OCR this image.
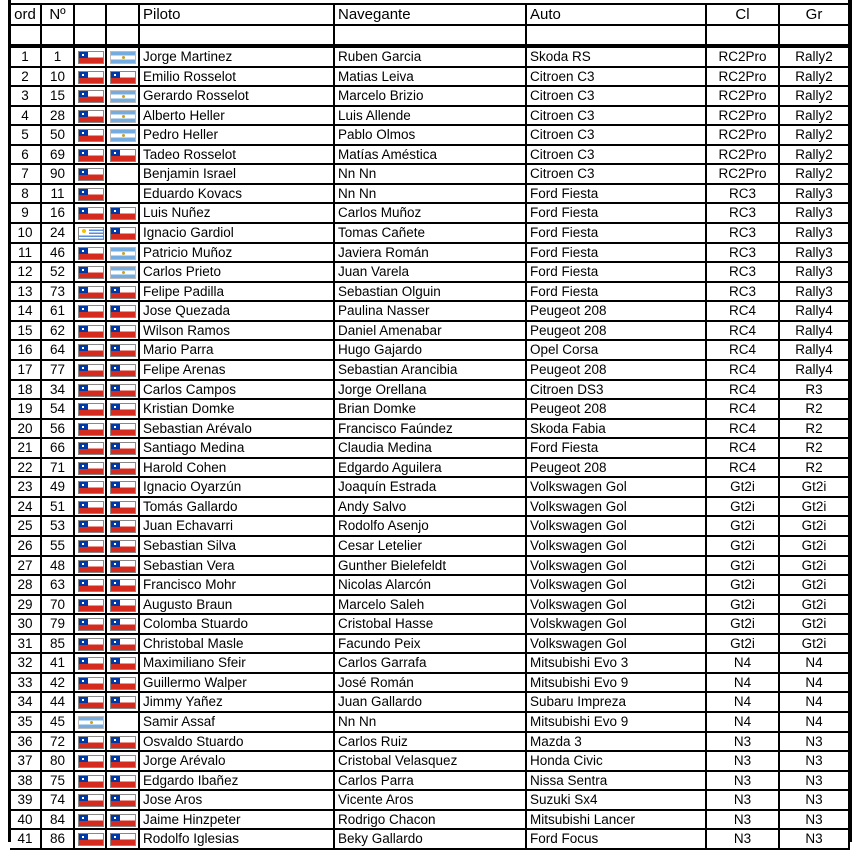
ord Nº	Piloto	Navegante	Auto	Cl	Gr
1	1	Jorge Martinez	Ruben Garcia	Skoda RS	RC2Pro	Rally2
2	10	Emilio Rosselot	Matias Leiva	Citroen C3	RC2Pro	Rally2
3	15	Gerardo Rosselot	Marcelo Brizio	Citroen C3	RC2Pro	Rally2
4	28	Alberto Heller	Luis Allende	Citroen C3	RC2Pro	Rally2
5	50	Pedro Heller	Pablo Olmos	Citroen C3	RC2Pro	Rally2
6	69	Tadeo Rosselot	Matías Améstica	Citroen C3	RC2Pro	Rally2
7	90	Benjamin Israel	Nn Nn	Citroen C3	RC2Pro	Rally2
8	11	Eduardo Kovacs	Nn Nn	Ford Fiesta	RC3	Rally3
9	16	Luis Nuñez	Carlos Muñoz	Ford Fiesta	RC3	Rally3
10	24	Ignacio Gardiol	Tomas Cañete	Ford Fiesta	RC3	Rally3
11	46	Patricio Muñoz	Javiera Román	Ford Fiesta	RC3	Rally3
12	52	Carlos Prieto	Juan Varela	Ford Fiesta	RC3	Rally3
13	73	Felipe Padilla	Sebastian Olguin	Ford Fiesta	RC3	Rally3
14	61	Jose Quezada	Paulina Nasser	Peugeot 208	RC4	Rally4
15	62	Wilson Ramos	Daniel Amenabar	Peugeot 208	RC4	Rally4
16	64	Mario Parra	Hugo Gajardo	Opel Corsa	RC4	Rally4
17	77	Felipe Arenas	Sebastian Arancibia	Peugeot 208	RC4	Rally4
18	34	Carlos Campos	Jorge Orellana	Citroen DS3	RC4	R3
19	54	Kristian Domke	Brian Domke	Peugeot 208	RC4	R2
20	56	Sebastian Arévalo	Francisco Faúndez	Skoda Fabia	RC4	R2
21	66	Santiago Medina	Claudia Medina	Ford Fiesta	RC4	R2
22	71	Harold Cohen	Edgardo Aguilera	Peugeot 208	RC4	R2
23	49	Ignacio Oyarzún	Joaquín Estrada	Volkswagen Gol	Gt2i	Gt2i
24	51	Tomás Gallardo	Andy Salvo	Volkswagen Gol	Gt2i	Gt2i
25	53	Juan Echavarri	Rodolfo Asenjo	Volkswagen Gol	Gt2i	Gt2i
26	55	Sebastian Silva	Cesar Letelier	Volkswagen Gol	Gt2i	Gt2i
27	48	Sebastian Vera	Gunther Bielefeldt	Volkswagen Gol	Gt2i	Gt2i
28	63	Francisco Mohr	Nicolas Alarcón	Volkswagen Gol	Gt2i	Gt2i
29	70	Augusto Braun	Marcelo Saleh	Volkswagen Gol	Gt2i	Gt2i
30	79	Colomba Stuardo	Cristobal Hasse	Volskwagen Gol	Gt2i	Gt2i
31	85	Christobal Masle	Facundo Peix	Volkswagen Gol	Gt2i	Gt2i
32	41	Maximiliano Sfeir	Carlos Garrafa	Mitsubishi Evo 3	N4	N4
33	42	Guillermo Walper	José Román	Mitsubishi Evo 9	N4	N4
34	44	Jimmy Yañez	Juan Gallardo	Subaru Impreza	N4	N4
35	45	Samir Assaf	Nn Nn	Mitsubishi Evo 9	N4	N4
36	72	Osvaldo Stuardo	Carlos Ruiz	Mazda 3	N3	N3
37	80	Jorge Arévalo	Cristobal Velasquez	Honda Civic	N3	N3
38	75	Edgardo Ibañez	Carlos Parra	Nissa Sentra	N3	N3
39	74	Jose Aros	Vicente Aros	Suzuki Sx4	N3	N3
40	84	Jaime Hinzpeter	Rodrigo Chacon	Mitsubishi Lancer	N3	N3
41	86	Rodolfo Iglesias	Beky Gallardo	Ford Focus	N3	N3
